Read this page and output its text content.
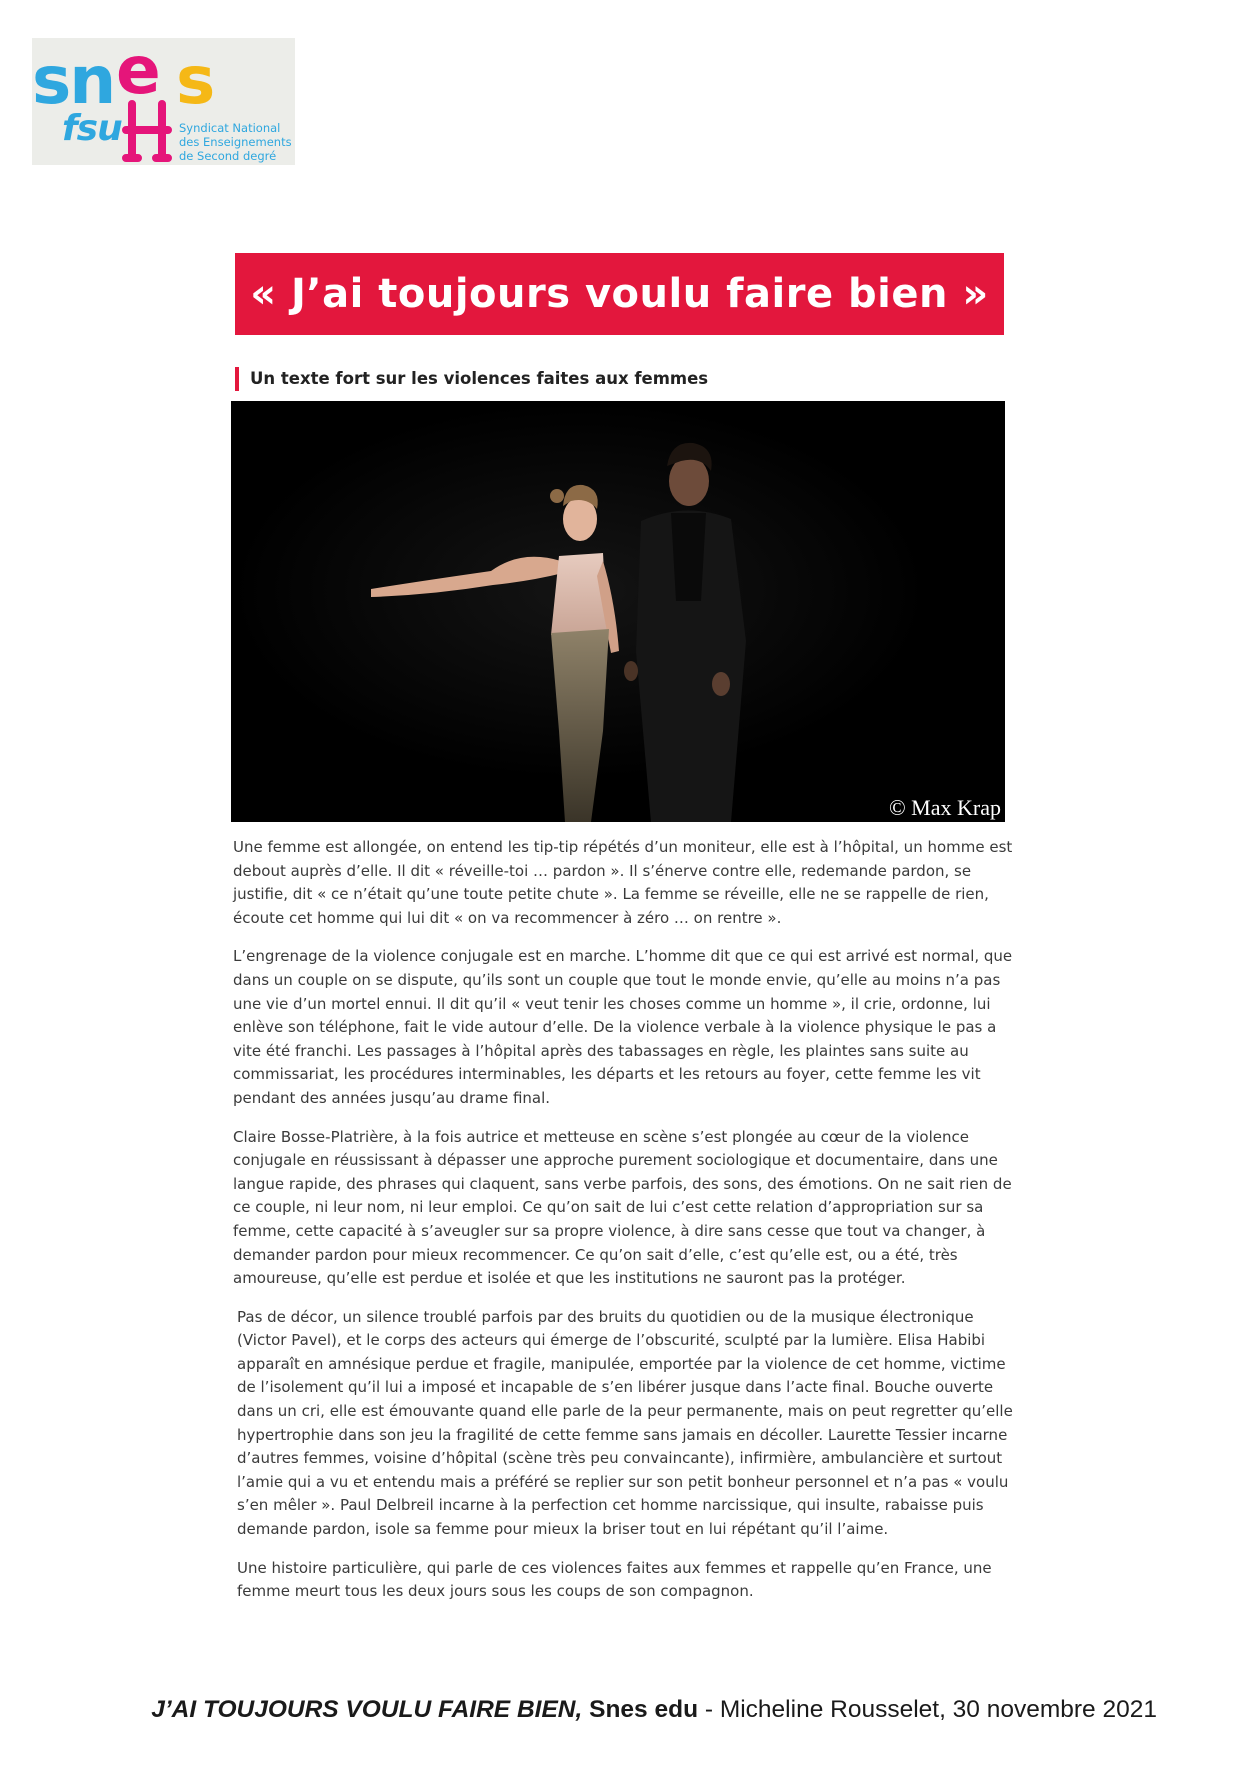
sn e s
fsu	Syndicat National
des Enseignements
de Second degré
« J’ai toujours voulu faire bien »
Un texte fort sur les violences faites aux femmes
© Max Krap

Une femme est allongée, on entend les tip-tip répétés d’un moniteur, elle est à l’hôpital, un homme est debout auprès d’elle. Il dit « réveille-toi … pardon ». Il s’énerve contre elle, redemande pardon, se justifie, dit « ce n’était qu’une toute petite chute ». La femme se réveille, elle ne se rappelle de rien, écoute cet homme qui lui dit « on va recommencer à zéro … on rentre ».

L’engrenage de la violence conjugale est en marche. L’homme dit que ce qui est arrivé est normal, que dans un couple on se dispute, qu’ils sont un couple que tout le monde envie, qu’elle au moins n’a pas une vie d’un mortel ennui. Il dit qu’il « veut tenir les choses comme un homme », il crie, ordonne, lui enlève son téléphone, fait le vide autour d’elle. De la violence verbale à la violence physique le pas a vite été franchi. Les passages à l’hôpital après des tabassages en règle, les plaintes sans suite au commissariat, les procédures interminables, les départs et les retours au foyer, cette femme les vit pendant des années jusqu’au drame final.

Claire Bosse-Platrière, à la fois autrice et metteuse en scène s’est plongée au cœur de la violence conjugale en réussissant à dépasser une approche purement sociologique et documentaire, dans une langue rapide, des phrases qui claquent, sans verbe parfois, des sons, des émotions. On ne sait rien de ce couple, ni leur nom, ni leur emploi. Ce qu’on sait de lui c’est cette relation d’appropriation sur sa femme, cette capacité à s’aveugler sur sa propre violence, à dire sans cesse que tout va changer, à demander pardon pour mieux recommencer. Ce qu’on sait d’elle, c’est qu’elle est, ou a été, très amoureuse, qu’elle est perdue et isolée et que les institutions ne sauront pas la protéger.

Pas de décor, un silence troublé parfois par des bruits du quotidien ou de la musique électronique (Victor Pavel), et le corps des acteurs qui émerge de l’obscurité, sculpté par la lumière. Elisa Habibi apparaît en amnésique perdue et fragile, manipulée, emportée par la violence de cet homme, victime de l’isolement qu’il lui a imposé et incapable de s’en libérer jusque dans l’acte final. Bouche ouverte dans un cri, elle est émouvante quand elle parle de la peur permanente, mais on peut regretter qu’elle hypertrophie dans son jeu la fragilité de cette femme sans jamais en décoller. Laurette Tessier incarne d’autres femmes, voisine d’hôpital (scène très peu convaincante), infirmière, ambulancière et surtout l’amie qui a vu et entendu mais a préféré se replier sur son petit bonheur personnel et n’a pas « voulu s’en mêler ». Paul Delbreil incarne à la perfection cet homme narcissique, qui insulte, rabaisse puis demande pardon, isole sa femme pour mieux la briser tout en lui répétant qu’il l’aime.

Une histoire particulière, qui parle de ces violences faites aux femmes et rappelle qu’en France, une femme meurt tous les deux jours sous les coups de son compagnon.

J’AI TOUJOURS VOULU FAIRE BIEN, Snes edu - Micheline Rousselet, 30 novembre 2021
